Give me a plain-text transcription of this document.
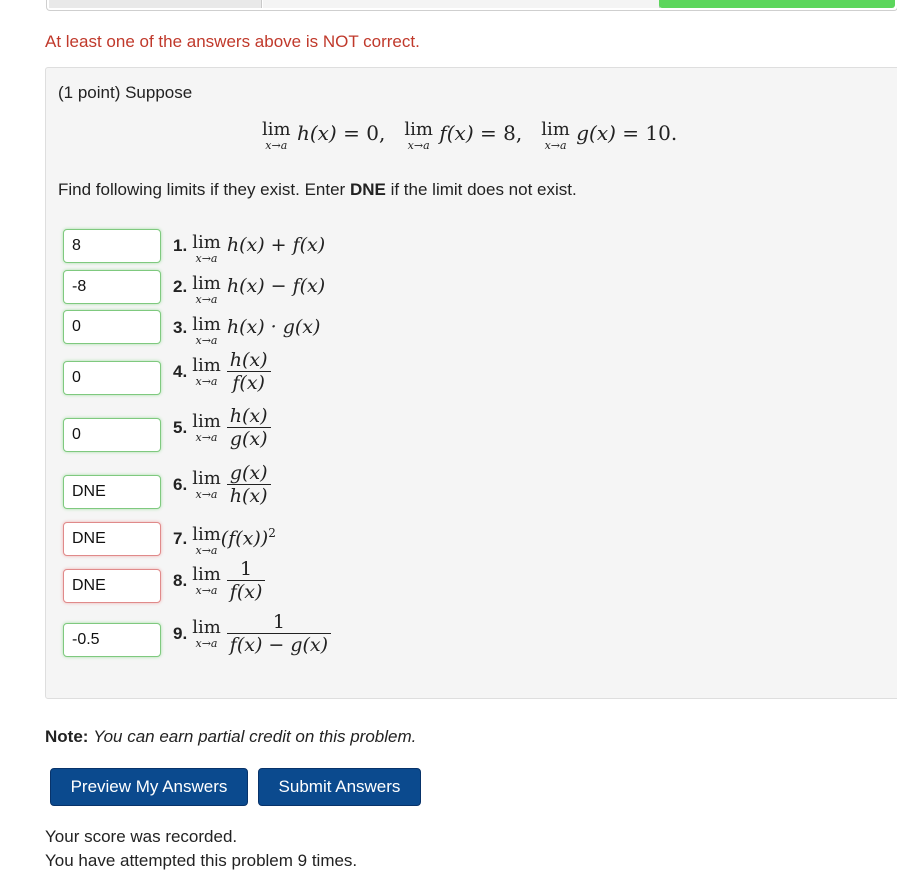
At least one of the answers above is NOT correct.
(1 point) Suppose
lim
x→a
h(x) = 0, lim
x→a
f(x) = 8, lim
x→a
g(x) = 10.
Find following limits if they exist. Enter DNE if the limit does not exist.
8
-8
0
0
0
DNE
DNE
DNE
-0.5
1. lim
x→a
h(x) + f(x)
2. lim
x→a
h(x) − f(x)
3. lim
x→a
h(x) · g(x)
4. lim
$x\to a \frac{h(x)}{f(x)}$
5. lim
$x\to a \frac{h(x)}{g(x)}$
6. lim
$x\to a \frac{g(x)}{h(x)}$
7. lim
x→a
$(f(x))^2$
8. lim
$x\to a \frac{1}{f(x)}$
9. lim
$x\to a \frac{1}{f(x) - g(x)}$
Note: You can earn partial credit on this problem.
Preview My Answers	Submit Answers
Your score was recorded.
You have attempted this problem 9 times.
